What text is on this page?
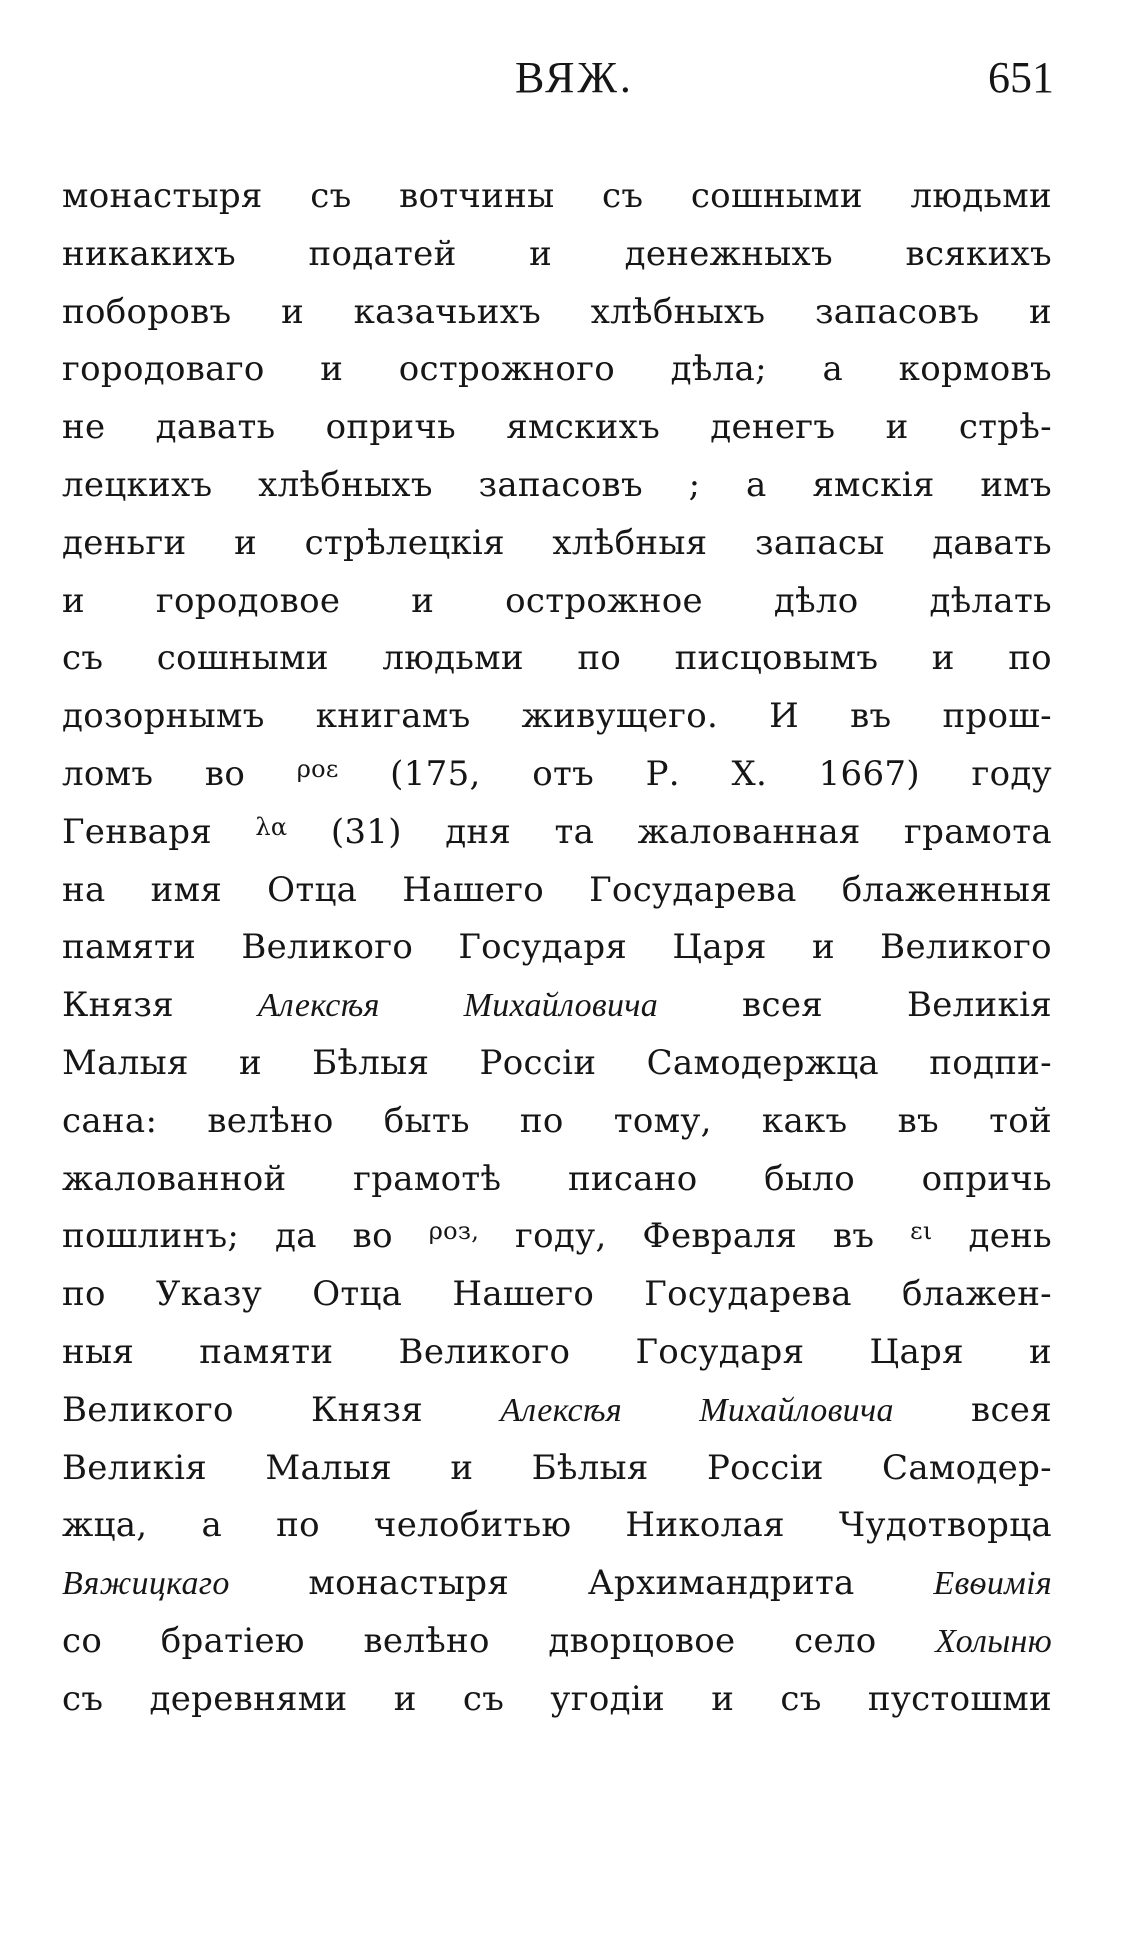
ВЯЖ.	651
монастыря съ вотчины съ сошными людьми
никакихъ податей и денежныхъ всякихъ
поборовъ и казачьихъ хлѣбныхъ запасовъ и
городоваго и острожного дѣла; а кормовъ
не давать опричь ямскихъ денегъ и стрѣ-
лецкихъ хлѣбныхъ запасовъ ; а ямскія имъ
деньги и стрѣлецкія хлѣбныя запасы давать
и городовое и острожное дѣло дѣлать
съ сошными людьми по писцовымъ и по
дозорнымъ книгамъ живущего. И въ прош-
ломъ во ροε (175, отъ Р. Х. 1667) году
Генваря λα (31) дня та жалованная грамота
на имя Отца Нашего Государева блаженныя
памяти Великого Государя Царя и Великого
Князя Алексѣя Михайловича всея Великія
Малыя и Бѣлыя Россіи Самодержца подпи-
сана: велѣно быть по тому, какъ въ той
жалованной грамотѣ писано было опричь
пошлинъ; да во ροз, году, Февраля въ ει день
по Указу Отца Нашего Государева блажен-
ныя памяти Великого Государя Царя и
Великого Князя Алексѣя Михайловича всея
Великія Малыя и Бѣлыя Россіи Самодер-
жца, а по челобитью Николая Чудотворца
Вяжицкаго монастыря Архимандрита Евѳимія
со братіею велѣно дворцовое село Холыню
съ деревнями и съ угодіи и съ пустошми
